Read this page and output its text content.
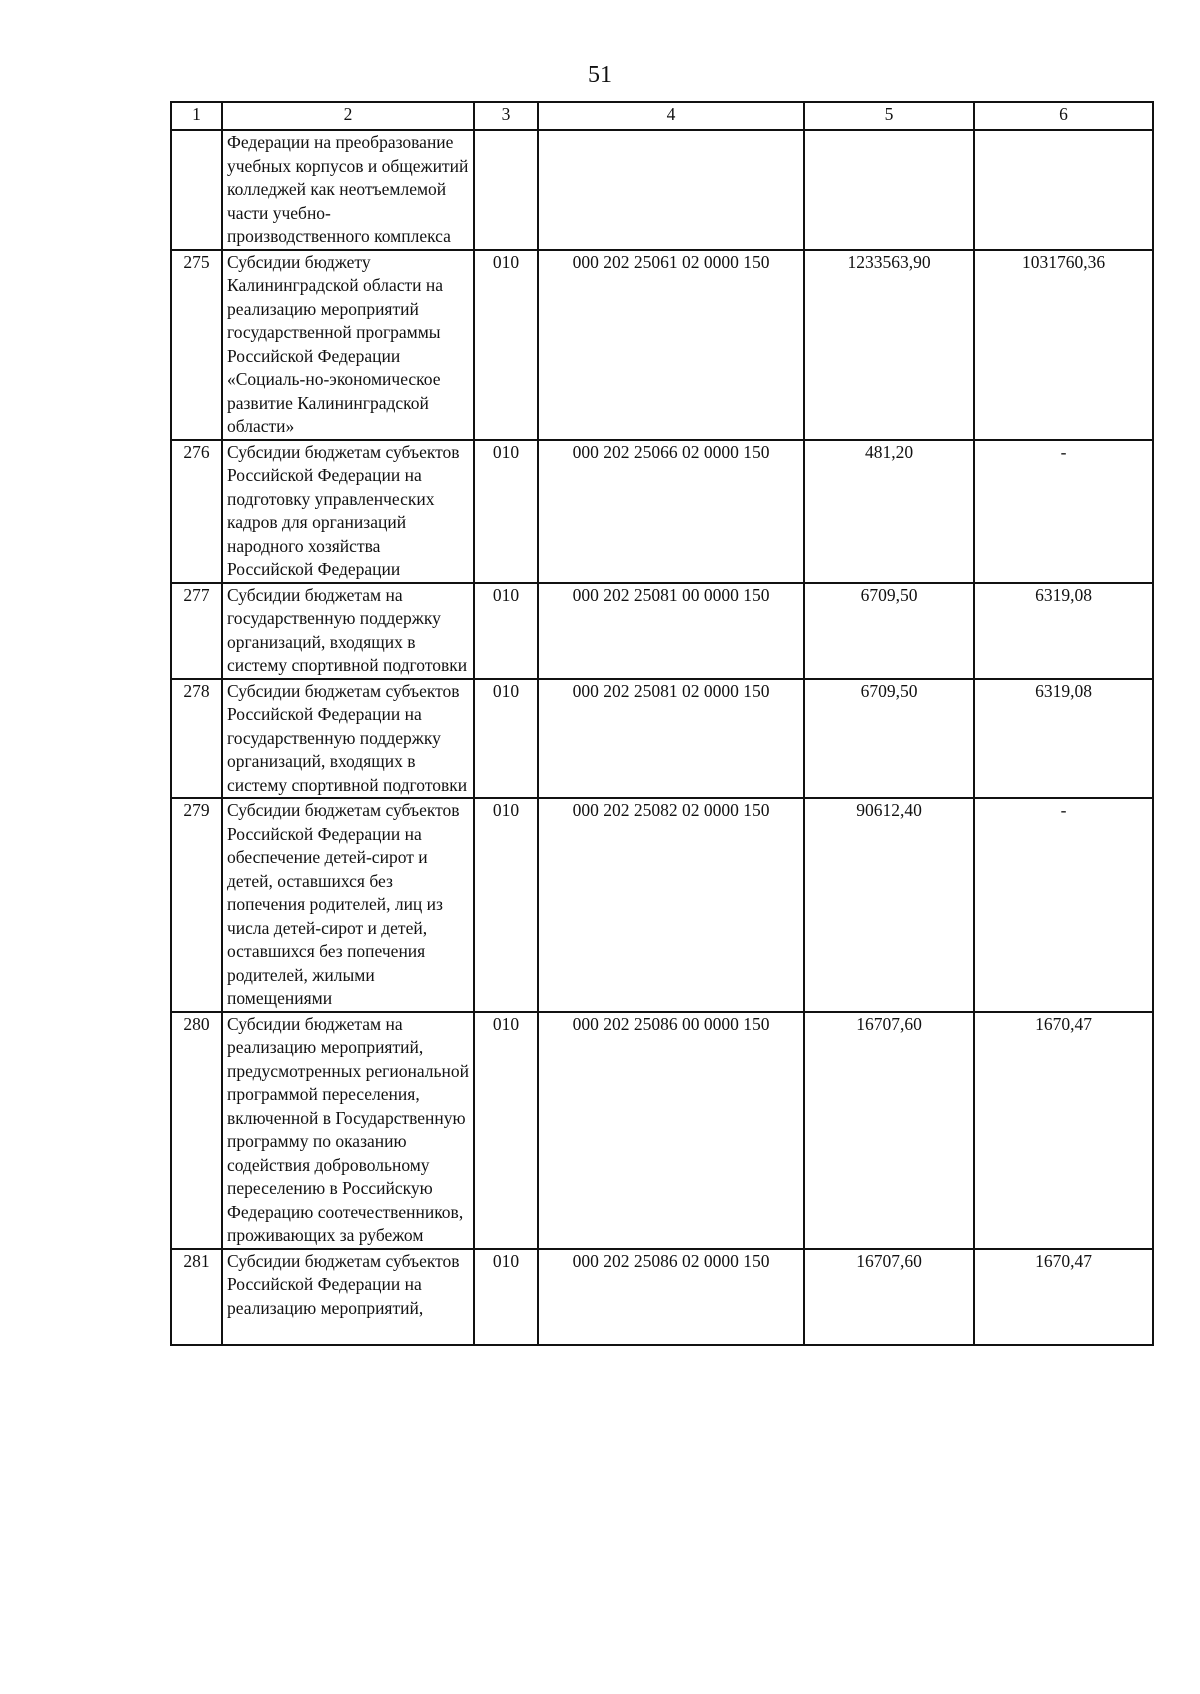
51
1	2	3	4	5	6
	Федерации на преобразование учебных корпусов и общежитий колледжей как неотъемлемой части учебно-производственного комплекса				
275	Субсидии бюджету Калининградской области на реализацию мероприятий государственной программы Российской Федерации «Социаль-но-экономическое развитие Калининградской области»	010	000 202 25061 02 0000 150	1233563,90	1031760,36
276	Субсидии бюджетам субъектов Российской Федерации на подготовку управленческих кадров для организаций народного хозяйства Российской Федерации	010	000 202 25066 02 0000 150	481,20	-
277	Субсидии бюджетам на государственную поддержку организаций, входящих в систему спортивной подготовки	010	000 202 25081 00 0000 150	6709,50	6319,08
278	Субсидии бюджетам субъектов Российской Федерации на государственную поддержку организаций, входящих в систему спортивной подготовки	010	000 202 25081 02 0000 150	6709,50	6319,08
279	Субсидии бюджетам субъектов Российской Федерации на обеспечение детей-сирот и детей, оставшихся без попечения родителей, лиц из числа детей-сирот и детей, оставшихся без попечения родителей, жилыми помещениями	010	000 202 25082 02 0000 150	90612,40	-
280	Субсидии бюджетам на реализацию мероприятий, предусмотренных региональной программой переселения, включенной в Государственную программу по оказанию содействия добровольному переселению в Российскую Федерацию соотечественников, проживающих за рубежом	010	000 202 25086 00 0000 150	16707,60	1670,47
281	Субсидии бюджетам субъектов Российской Федерации на реализацию мероприятий,	010	000 202 25086 02 0000 150	16707,60	1670,47
